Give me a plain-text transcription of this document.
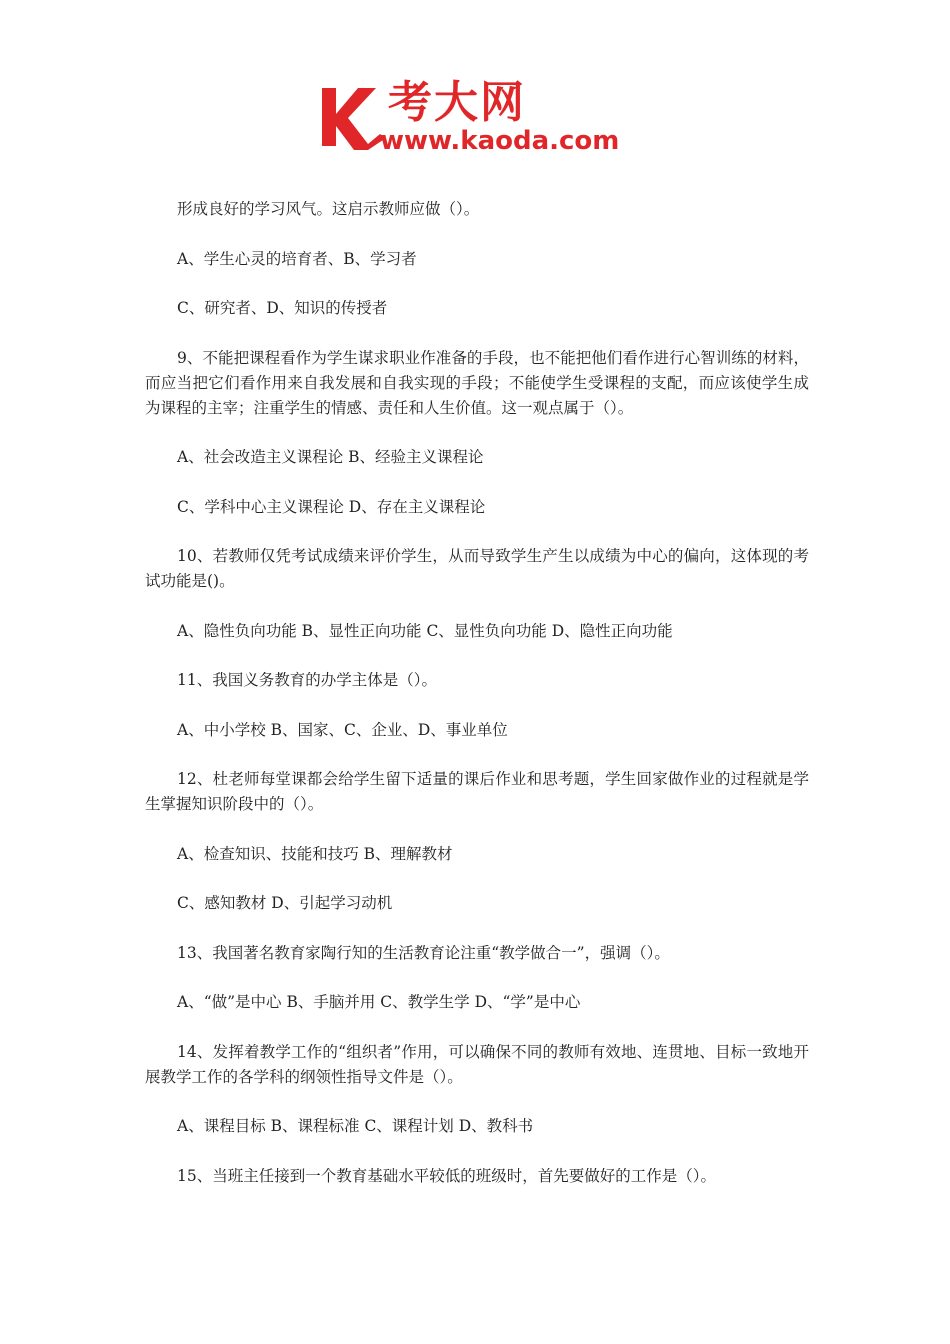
考大网
www.kaoda.com

形成良好的学习风气。这启示教师应做（）。

A、学生心灵的培育者、B、学习者

C、研究者、D、知识的传授者

9、不能把课程看作为学生谋求职业作准备的手段，也不能把他们看作进行心智训练的材料，而应当把它们看作用来自我发展和自我实现的手段；不能使学生受课程的支配，而应该使学生成为课程的主宰；注重学生的情感、责任和人生价值。这一观点属于（）。

A、社会改造主义课程论 B、经验主义课程论

C、学科中心主义课程论 D、存在主义课程论

10、若教师仅凭考试成绩来评价学生，从而导致学生产生以成绩为中心的偏向，这体现的考试功能是()。

A、隐性负向功能 B、显性正向功能 C、显性负向功能 D、隐性正向功能

11、我国义务教育的办学主体是（）。

A、中小学校 B、国家、C、企业、D、事业单位

12、杜老师每堂课都会给学生留下适量的课后作业和思考题，学生回家做作业的过程就是学生掌握知识阶段中的（）。

A、检查知识、技能和技巧 B、理解教材

C、感知教材 D、引起学习动机

13、我国著名教育家陶行知的生活教育论注重“教学做合一”，强调（）。

A、“做”是中心 B、手脑并用 C、教学生学 D、“学”是中心

14、发挥着教学工作的“组织者”作用，可以确保不同的教师有效地、连贯地、目标一致地开展教学工作的各学科的纲领性指导文件是（）。

A、课程目标 B、课程标准 C、课程计划 D、教科书

15、当班主任接到一个教育基础水平较低的班级时，首先要做好的工作是（）。
